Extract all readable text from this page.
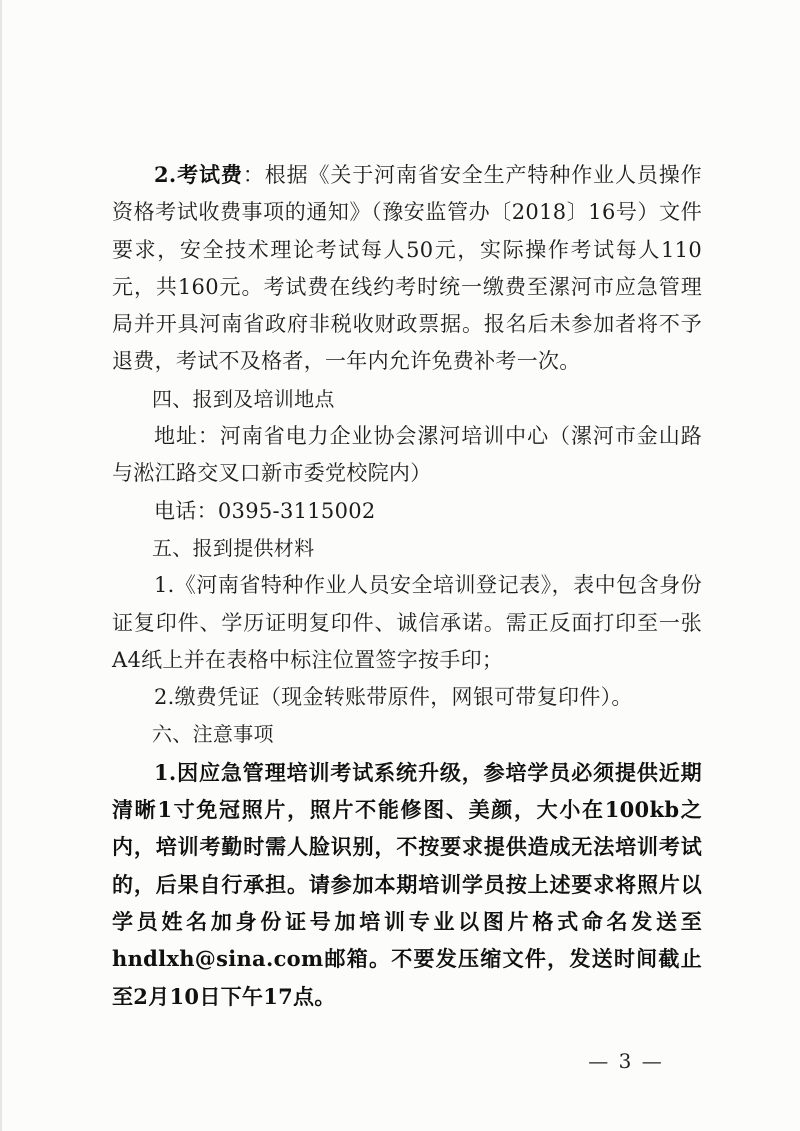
2.考试费：根据《关于河南省安全生产特种作业人员操作资格考试收费事项的通知》（豫安监管办〔2018〕16号）文件要求，安全技术理论考试每人50元，实际操作考试每人110元，共160元。考试费在线约考时统一缴费至漯河市应急管理局并开具河南省政府非税收财政票据。报名后未参加者将不予退费，考试不及格者，一年内允许免费补考一次。

四、报到及培训地点

地址：河南省电力企业协会漯河培训中心（漯河市金山路与淞江路交叉口新市委党校院内）

电话：0395-3115002

五、报到提供材料

1.《河南省特种作业人员安全培训登记表》，表中包含身份证复印件、学历证明复印件、诚信承诺。需正反面打印至一张A4纸上并在表格中标注位置签字按手印；

2.缴费凭证（现金转账带原件，网银可带复印件）。

六、注意事项

1.因应急管理培训考试系统升级，参培学员必须提供近期清晰1寸免冠照片，照片不能修图、美颜，大小在100kb之内，培训考勤时需人脸识别，不按要求提供造成无法培训考试的，后果自行承担。请参加本期培训学员按上述要求将照片以学员姓名加身份证号加培训专业以图片格式命名发送至hndlxh@sina.com邮箱。不要发压缩文件，发送时间截止至2月10日下午17点。

— 3 —
